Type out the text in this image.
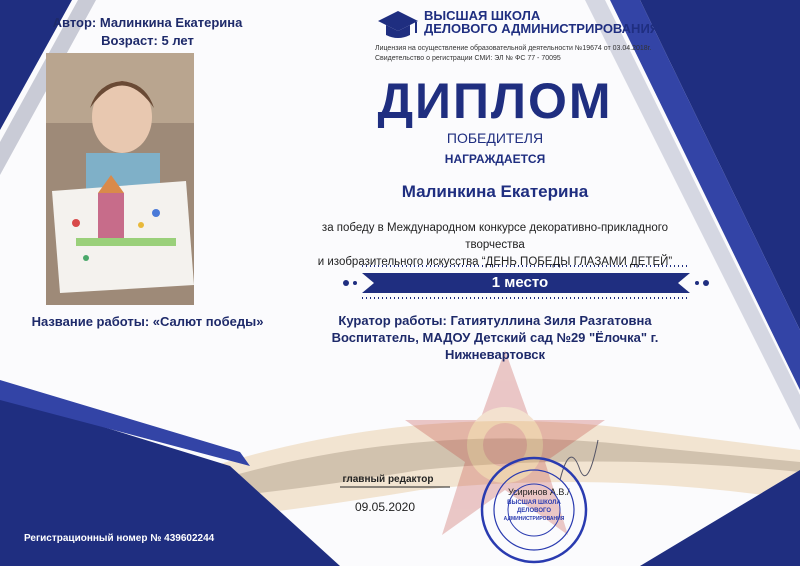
Автор: Малинкина Екатерина
Возраст: 5 лет
Название работы: «Салют победы»
ВЫСШАЯ ШКОЛА
ДЕЛОВОГО АДМИНИСТРИРОВАНИЯ
Лицензия на осуществление образовательной деятельности №19674 от 03.04.2018г.
Свидетельство о регистрации СМИ: ЭЛ № ФС 77 - 70095
ДИПЛОМ
ПОБЕДИТЕЛЯ
НАГРАЖДАЕТСЯ
Малинкина Екатерина
за победу в Международном конкурсе декоративно-прикладного творчества
и изобразительного искусства “ДЕНЬ ПОБЕДЫ ГЛАЗАМИ ДЕТЕЙ”
1 место
Куратор работы: Гатиятуллина Зиля Разгатовна
Воспитатель, МАДОУ Детский сад №29 "Ёлочка" г.
Нижневартовск
главный редактор
09.05.2020
Усиринов А.В./
Регистрационный номер № 439602244
ВЫСШАЯ ШКОЛА
ДЕЛОВОГО
АДМИНИСТРИРОВАНИЯ
